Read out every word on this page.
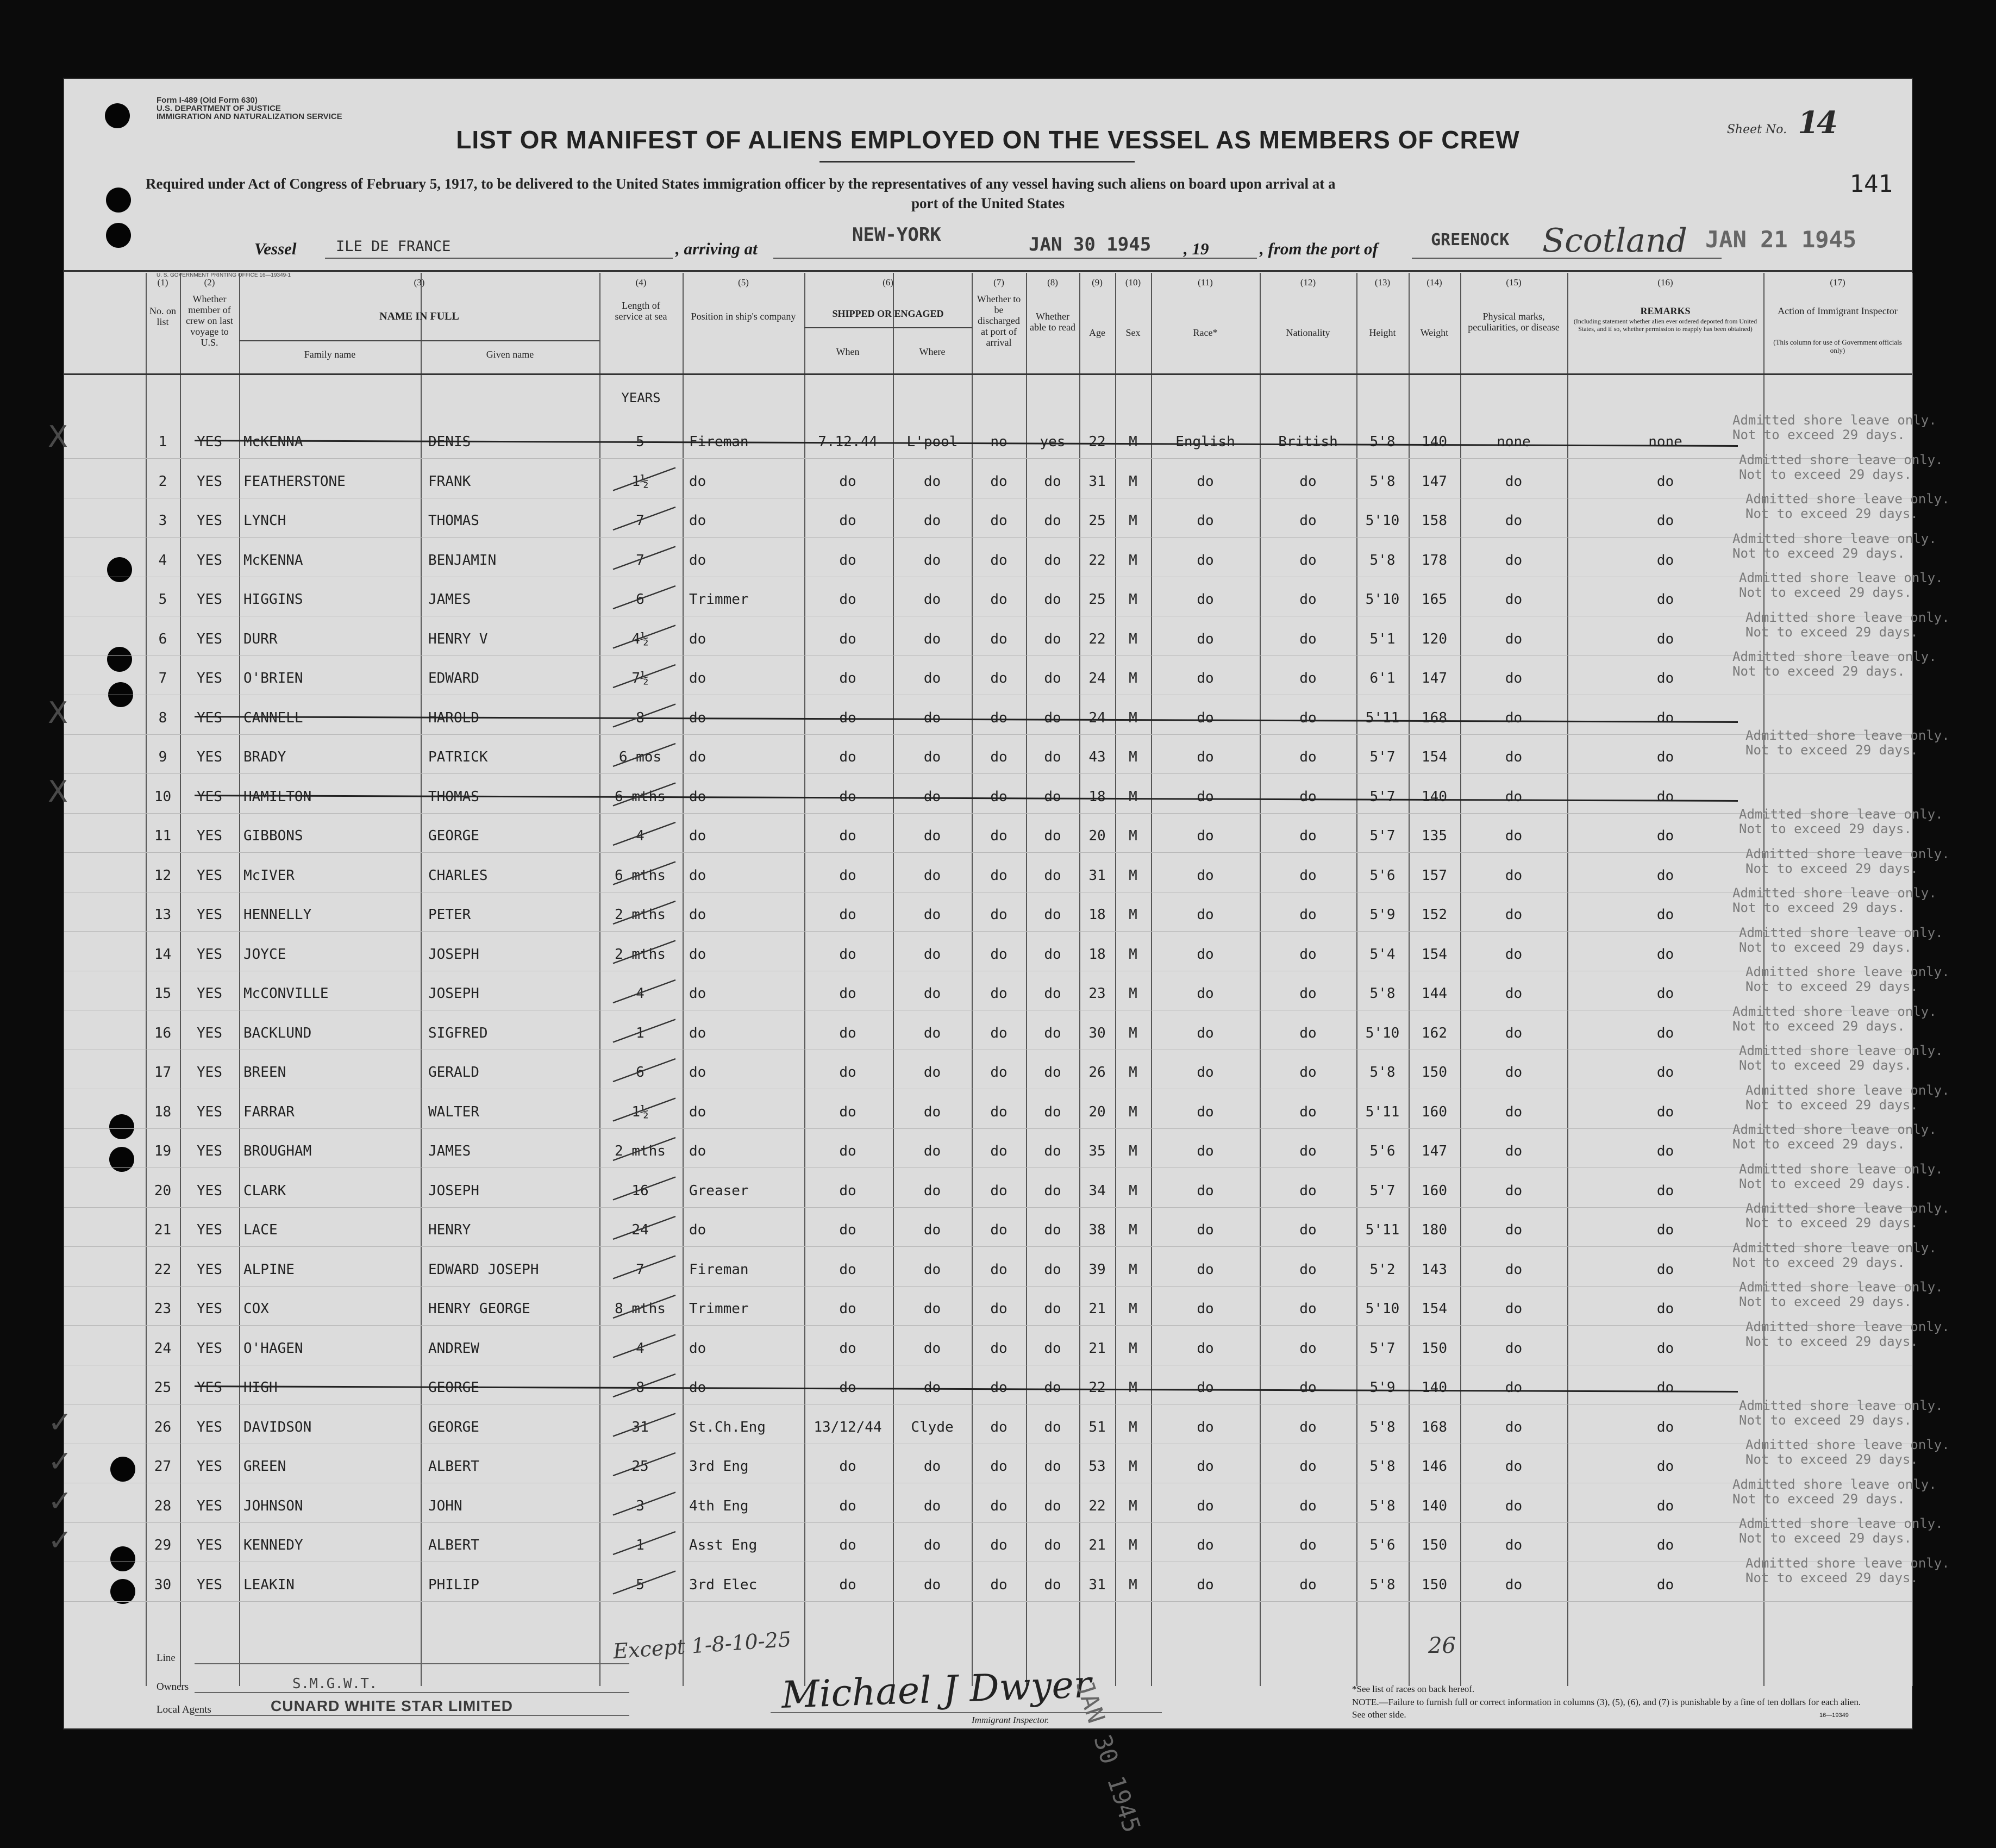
Form I-489 (Old Form 630)
U.S. DEPARTMENT OF JUSTICE
IMMIGRATION AND NATURALIZATION SERVICE
Sheet No. 14
LIST OR MANIFEST OF ALIENS EMPLOYED ON THE VESSEL AS MEMBERS OF CREW
Required under Act of Congress of February 5, 1917, to be delivered to the United States immigration officer by the representatives of any vessel having such aliens on board upon arrival at a
port of the United States
141
Vessel	ILE DE FRANCE	, arriving at
NEW-YORK	JAN 30 1945 , 19	, from the port of	GREENOCK Scotland JAN 21 1945
U. S. GOVERNMENT PRINTING OFFICE 16—19349-1
(1)	(2)	(3)	(4)	(5)	(6)	(7)	(8)	(9)	(10)	(11)	(12)	(13)	(14)	(15)	(16)	(17)
No. on list
Whether member of crew on last voyage to U.S.
NAME IN FULL
Family name	Given name
Length of service at sea	Position in ship's company	SHIPPED OR ENGAGED
When	Where
Whether to be discharged at port of arrival
Whether able to read	Age	Sex	Race*	Nationality	Height	Weight
Physical marks, peculiarities, or disease
REMARKS
(Including statement whether alien ever ordered deported from United States, and if so, whether permission to reapply has been obtained)
Action of Immigrant Inspector
(This column for use of Government officials only)
YEARS
1	YES	McKENNA	DENIS	5	Fireman	7.12.44	L'pool	no	yes	22	M	English	British	5'8	140	none	none
X	Admitted shore leave only.
Not to exceed 29 days.
2	YES	FEATHERSTONE	FRANK	1½	do	do	do	do	do	31	M	do	do	5'8	147	do	do
Admitted shore leave only.
Not to exceed 29 days.
3	YES	LYNCH	THOMAS	7	do	do	do	do	do	25	M	do	do	5'10	158	do	do
Admitted shore leave only.
Not to exceed 29 days.
4	YES	McKENNA	BENJAMIN	7	do	do	do	do	do	22	M	do	do	5'8	178	do	do
Admitted shore leave only.
Not to exceed 29 days.
5	YES	HIGGINS	JAMES	6	Trimmer	do	do	do	do	25	M	do	do	5'10	165	do	do
Admitted shore leave only.
Not to exceed 29 days.
6	YES	DURR	HENRY V	4½	do	do	do	do	do	22	M	do	do	5'1	120	do	do
Admitted shore leave only.
Not to exceed 29 days.
7	YES	O'BRIEN	EDWARD	7½	do	do	do	do	do	24	M	do	do	6'1	147	do	do
Admitted shore leave only.
Not to exceed 29 days.
8	YES	CANNELL	HAROLD	8	do	do	do	do	do	24	M	do	do	5'11	168	do	do
X
9	YES	BRADY	PATRICK	6 mos	do	do	do	do	do	43	M	do	do	5'7	154	do	do
Admitted shore leave only.
Not to exceed 29 days.
10	YES	HAMILTON	THOMAS	6 mths	do	do	do	do	do	18	M	do	do	5'7	140	do	do
X
11	YES	GIBBONS	GEORGE	4	do	do	do	do	do	20	M	do	do	5'7	135	do	do
Admitted shore leave only.
Not to exceed 29 days.
12	YES	McIVER	CHARLES	6 mths	do	do	do	do	do	31	M	do	do	5'6	157	do	do
Admitted shore leave only.
Not to exceed 29 days.
13	YES	HENNELLY	PETER	2 mths	do	do	do	do	do	18	M	do	do	5'9	152	do	do
Admitted shore leave only.
Not to exceed 29 days.
14	YES	JOYCE	JOSEPH	2 mths	do	do	do	do	do	18	M	do	do	5'4	154	do	do
Admitted shore leave only.
Not to exceed 29 days.
15	YES	McCONVILLE	JOSEPH	4	do	do	do	do	do	23	M	do	do	5'8	144	do	do
Admitted shore leave only.
Not to exceed 29 days.
16	YES	BACKLUND	SIGFRED	1	do	do	do	do	do	30	M	do	do	5'10	162	do	do
Admitted shore leave only.
Not to exceed 29 days.
17	YES	BREEN	GERALD	6	do	do	do	do	do	26	M	do	do	5'8	150	do	do
Admitted shore leave only.
Not to exceed 29 days.
18	YES	FARRAR	WALTER	1½	do	do	do	do	do	20	M	do	do	5'11	160	do	do
Admitted shore leave only.
Not to exceed 29 days.
19	YES	BROUGHAM	JAMES	2 mths	do	do	do	do	do	35	M	do	do	5'6	147	do	do
Admitted shore leave only.
Not to exceed 29 days.
20	YES	CLARK	JOSEPH	16	Greaser	do	do	do	do	34	M	do	do	5'7	160	do	do
Admitted shore leave only.
Not to exceed 29 days.
21	YES	LACE	HENRY	24	do	do	do	do	do	38	M	do	do	5'11	180	do	do
Admitted shore leave only.
Not to exceed 29 days.
22	YES	ALPINE	EDWARD JOSEPH	7	Fireman	do	do	do	do	39	M	do	do	5'2	143	do	do
Admitted shore leave only.
Not to exceed 29 days.
23	YES	COX	HENRY GEORGE	8 mths	Trimmer	do	do	do	do	21	M	do	do	5'10	154	do	do
Admitted shore leave only.
Not to exceed 29 days.
24	YES	O'HAGEN	ANDREW	4	do	do	do	do	do	21	M	do	do	5'7	150	do	do
Admitted shore leave only.
Not to exceed 29 days.
25	YES	HIGH	GEORGE	8	do	do	do	do	do	22	M	do	do	5'9	140	do	do
26	YES	DAVIDSON	GEORGE	31	St.Ch.Eng	13/12/44	Clyde	do	do	51	M	do	do	5'8	168	do	do
✓	Admitted shore leave only.
Not to exceed 29 days.
27	YES	GREEN	ALBERT	25	3rd Eng	do	do	do	do	53	M	do	do	5'8	146	do	do
✓	Admitted shore leave only.
Not to exceed 29 days.
28	YES	JOHNSON	JOHN	3	4th Eng	do	do	do	do	22	M	do	do	5'8	140	do	do
✓	Admitted shore leave only.
Not to exceed 29 days.
29	YES	KENNEDY	ALBERT	1	Asst Eng	do	do	do	do	21	M	do	do	5'6	150	do	do
✓	Admitted shore leave only.
Not to exceed 29 days.
30	YES	LEAKIN	PHILIP	5	3rd Elec	do	do	do	do	31	M	do	do	5'8	150	do	do
Admitted shore leave only.
Not to exceed 29 days.
Line
Owners	S.M.G.W.T.
Local Agents	CUNARD WHITE STAR LIMITED
Except 1-8-10-25	26
Michael J Dwyer
Immigrant Inspector. JAN 30 1945	*See list of races on back hereof.
NOTE.—Failure to furnish full or correct information in columns (3), (5), (6), and (7) is punishable by a fine of ten dollars for each alien. See other side.	16—19349
